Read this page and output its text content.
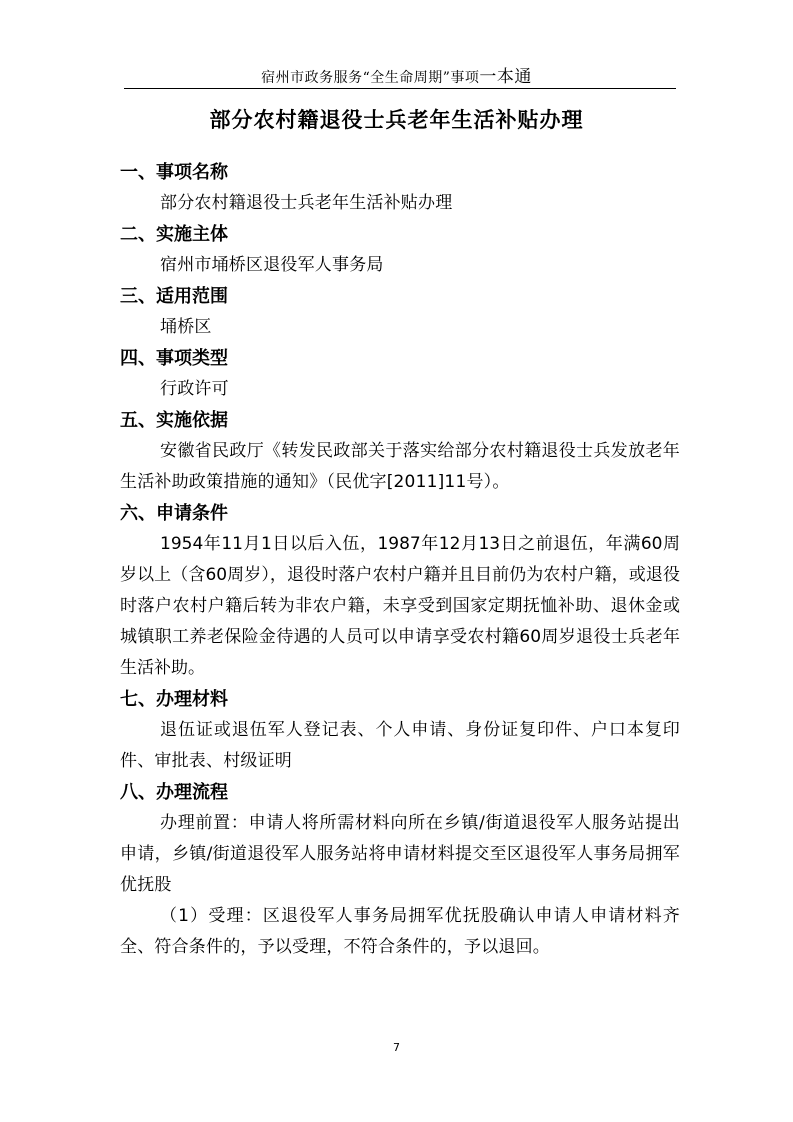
宿州市政务服务“全生命周期”事项一本通
部分农村籍退役士兵老年生活补贴办理
一、事项名称
部分农村籍退役士兵老年生活补贴办理
二、实施主体
宿州市埇桥区退役军人事务局
三、适用范围
埇桥区
四、事项类型
行政许可
五、实施依据
安徽省民政厅《转发民政部关于落实给部分农村籍退役士兵发放老年生活补助政策措施的通知》（民优字[2011]11号）。
六、申请条件
1954年11月1日以后入伍，1987年12月13日之前退伍，年满60周岁以上（含60周岁），退役时落户农村户籍并且目前仍为农村户籍，或退役时落户农村户籍后转为非农户籍，未享受到国家定期抚恤补助、退休金或城镇职工养老保险金待遇的人员可以申请享受农村籍60周岁退役士兵老年生活补助。
七、办理材料
退伍证或退伍军人登记表、个人申请、身份证复印件、户口本复印件、审批表、村级证明
八、办理流程
办理前置：申请人将所需材料向所在乡镇/街道退役军人服务站提出申请，乡镇/街道退役军人服务站将申请材料提交至区退役军人事务局拥军优抚股
（1）受理：区退役军人事务局拥军优抚股确认申请人申请材料齐全、符合条件的，予以受理，不符合条件的，予以退回。
7
